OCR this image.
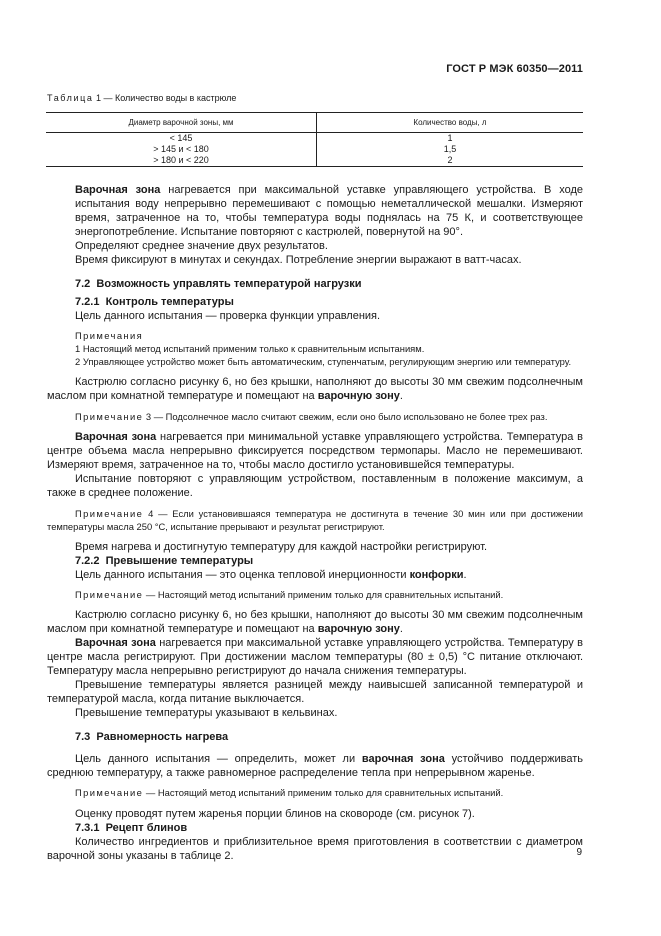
ГОСТ Р МЭК 60350—2011
Таблица 1 — Количество воды в кастрюле
Диаметр варочной зоны, мм	Количество воды, л
< 145	1
> 145 и < 180	1,5
> 180 и < 220	2

Варочная зона нагревается при максимальной уставке управляющего устройства. В ходе испытания воду непрерывно перемешивают с помощью неметаллической мешалки. Измеряют время, затраченное на то, чтобы температура воды поднялась на 75 К, и соответствующее энергопотребление. Испытание повторяют с кастрюлей, повернутой на 90°.

Определяют среднее значение двух результатов.

Время фиксируют в минутах и секундах. Потребление энергии выражают в ватт-часах.

7.2 Возможность управлять температурой нагрузки
7.2.1 Контроль температуры

Цель данного испытания — проверка функции управления.

Примечания
1 Настоящий метод испытаний применим только к сравнительным испытаниям.
2 Управляющее устройство может быть автоматическим, ступенчатым, регулирующим энергию или температуру.

Кастрюлю согласно рисунку 6, но без крышки, наполняют до высоты 30 мм свежим подсолнечным маслом при комнатной температуре и помещают на варочную зону.

Примечание 3 — Подсолнечное масло считают свежим, если оно было использовано не более трех раз.

Варочная зона нагревается при минимальной уставке управляющего устройства. Температура в центре объема масла непрерывно фиксируется посредством термопары. Масло не перемешивают. Измеряют время, затраченное на то, чтобы масло достигло установившейся температуры.

Испытание повторяют с управляющим устройством, поставленным в положение максимум, а также в среднее положение.

Примечание 4 — Если установившаяся температура не достигнута в течение 30 мин или при достижении температуры масла 250 °С, испытание прерывают и результат регистрируют.

Время нагрева и достигнутую температуру для каждой настройки регистрируют.

7.2.2 Превышение температуры

Цель данного испытания — это оценка тепловой инерционности конфорки.

Примечание — Настоящий метод испытаний применим только для сравнительных испытаний.

Кастрюлю согласно рисунку 6, но без крышки, наполняют до высоты 30 мм свежим подсолнечным маслом при комнатной температуре и помещают на варочную зону.

Варочная зона нагревается при максимальной уставке управляющего устройства. Температуру в центре масла регистрируют. При достижении маслом температуры (80 ± 0,5) °С питание отключают. Температуру масла непрерывно регистрируют до начала снижения температуры.

Превышение температуры является разницей между наивысшей записанной температурой и температурой масла, когда питание выключается.

Превышение температуры указывают в кельвинах.

7.3 Равномерность нагрева

Цель данного испытания — определить, может ли варочная зона устойчиво поддерживать среднюю температуру, а также равномерное распределение тепла при непрерывном жаренье.

Примечание — Настоящий метод испытаний применим только для сравнительных испытаний.

Оценку проводят путем жаренья порции блинов на сковороде (см. рисунок 7).

7.3.1 Рецепт блинов

Количество ингредиентов и приблизительное время приготовления в соответствии с диаметром варочной зоны указаны в таблице 2.	9
